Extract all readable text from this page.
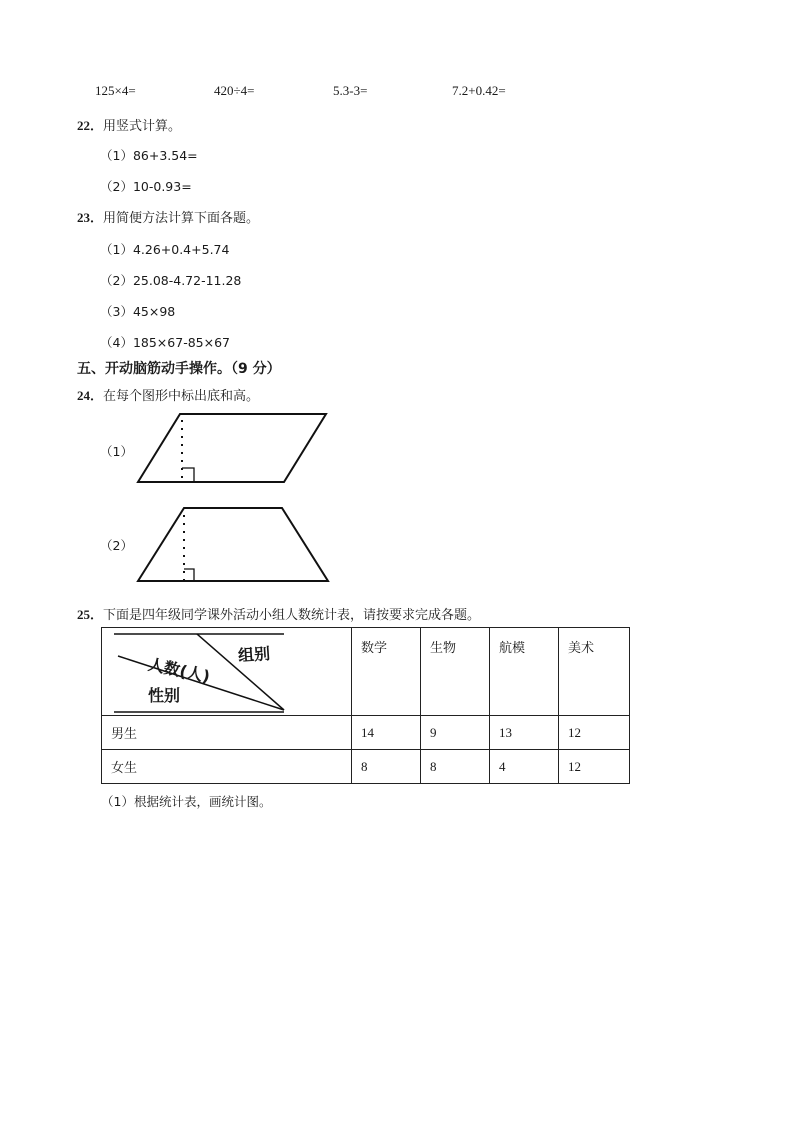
125×4=	420÷4=	5.3-3=	7.2+0.42=
22．用竖式计算。
（1）86+3.54=
（2）10-0.93=
23．用简便方法计算下面各题。
（1）4.26+0.4+5.74
（2）25.08-4.72-11.28
（3）45×98
（4）185×67-85×67
五、开动脑筋动手操作。（9 分）
24．在每个图形中标出底和高。
（1）
（2）
25．下面是四年级同学课外活动小组人数统计表，请按要求完成各题。
组别
人数(人)
性别	数学	生物	航模	美术
男生	14	9	13	12
女生	8	8	4	12
（1）根据统计表，画统计图。
